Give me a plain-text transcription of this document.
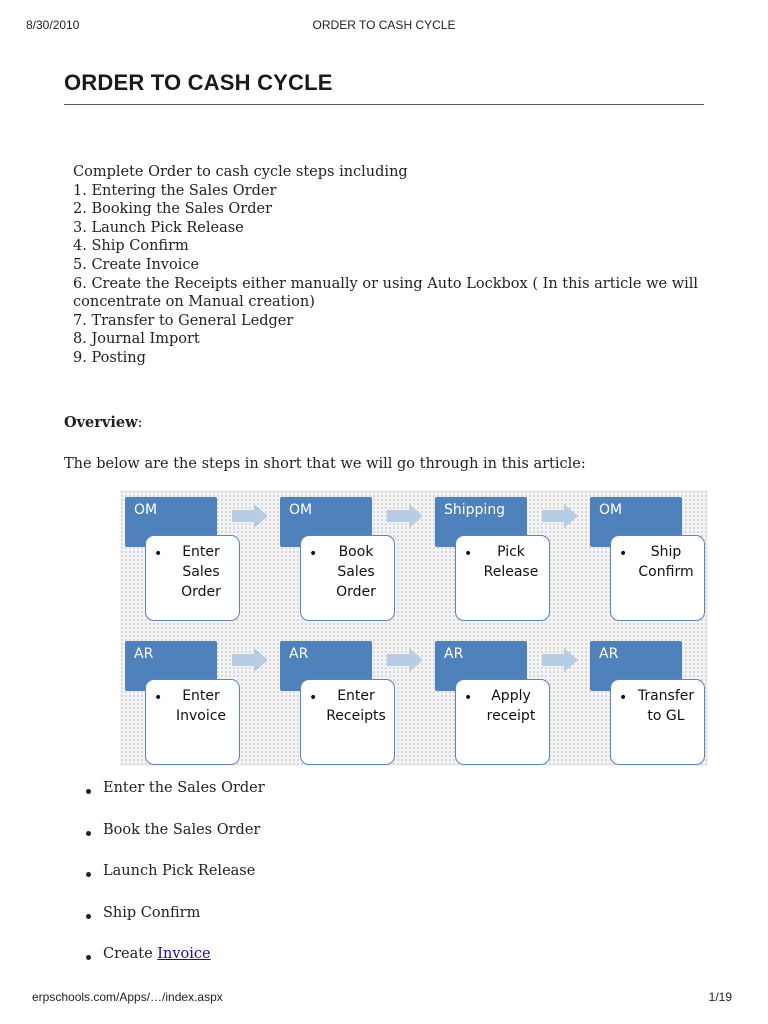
8/30/2010	ORDER TO CASH CYCLE
ORDER TO CASH CYCLE
Complete Order to cash cycle steps including
1. Entering the Sales Order
2. Booking the Sales Order
3. Launch Pick Release
4. Ship Confirm
5. Create Invoice
6. Create the Receipts either manually or using Auto Lockbox ( In this article we will
concentrate on Manual creation)
7. Transfer to General Ledger
8. Journal Import
9. Posting
Overview:
The below are the steps in short that we will go through in this article:
OM
•	Enter
Sales
Order
OM
•	Book
Sales
Order
Shipping
•	Pick
Release
OM
•	Ship
Confirm
AR
•	Enter
Invoice
AR
•	Enter
Receipts
AR
•	Apply
receipt
AR
• Transfer
to GL
Enter the Sales Order
Book the Sales Order
Launch Pick Release
Ship Confirm
Create Invoice
erpschools.com/Apps/…/index.aspx	1/19
